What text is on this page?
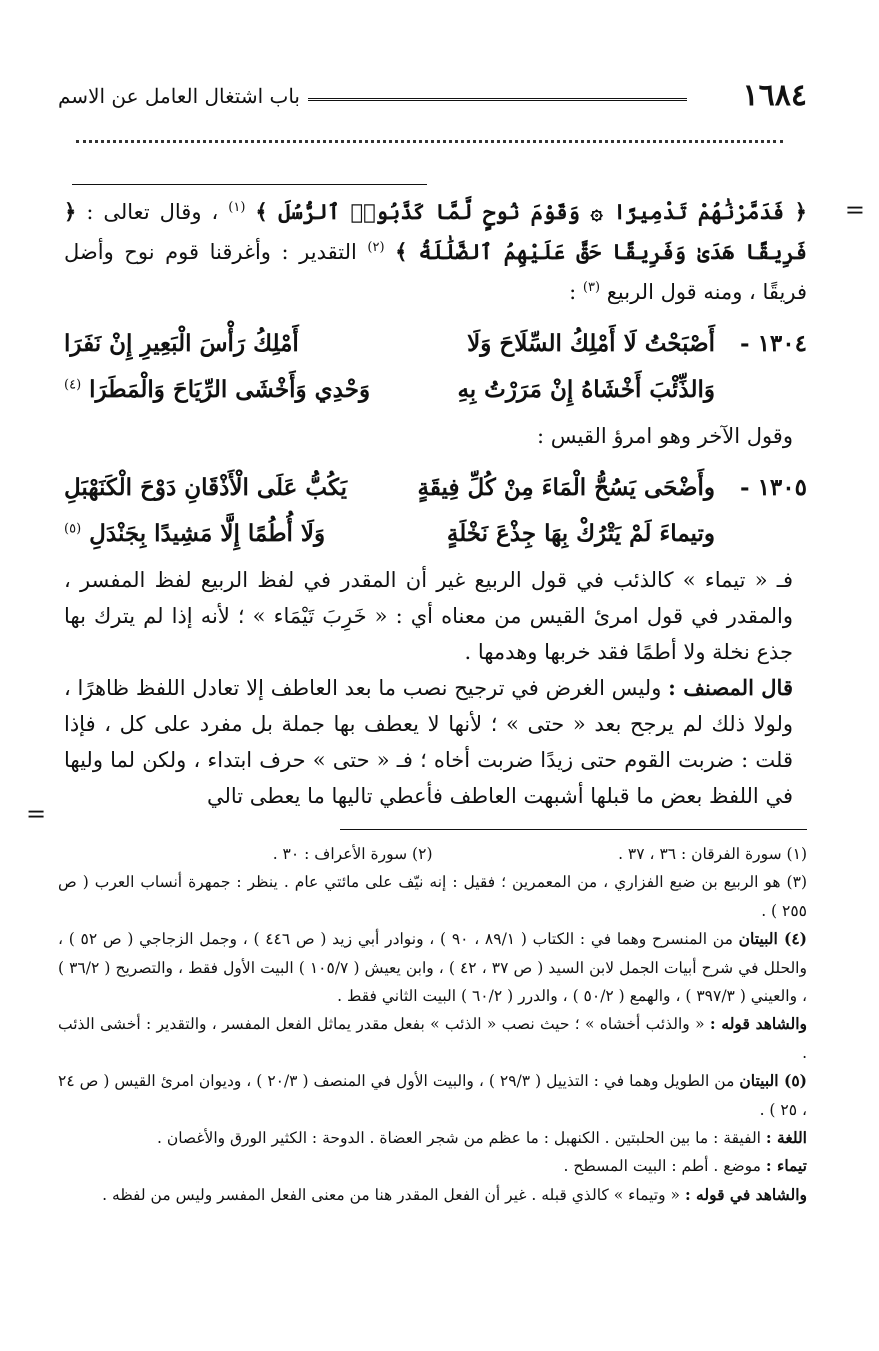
١٦٨٤
باب اشتغال العامل عن الاسم
=

﴿ فَدَمَّرْنَٰهُمْ تَدْمِيرًا ۞ وَقَوْمَ نُوحٍ لَّمَّا كَذَّبُوا۟ ٱلرُّسُلَ ﴾ $^{(١)}$ ، وقال تعالى : ﴿ فَرِيقًا هَدَىٰ وَفَرِيقًا حَقَّ عَلَيْهِمُ ٱلضَّلَٰلَةُ ﴾ $^{(٢)}$ التقدير : وأغرقنا قوم نوح وأضل فريقًا ، ومنه قول الربيع $^{(٣)}$ :

١٣٠٤ -
أَصْبَحْتُ لَا أَمْلِكُ السِّلَاحَ وَلَا
أَمْلِكُ رَأْسَ الْبَعِيرِ إِنْ نَفَرَا
وَالذِّئْبَ أَخْشَاهُ إِنْ مَرَرْتُ بِهِ
وَحْدِي وَأَخْشَى الرِّيَاحَ وَالْمَطَرَا $^{(٤)}$

وقول الآخر وهو امرؤ القيس :

١٣٠٥ -
وأَضْحَى يَسُحُّ الْمَاءَ مِنْ كُلِّ فِيقَةٍ
يَكُبُّ عَلَى الْأَذْقَانِ دَوْحَ الْكَنَهْبَلِ
وتيماءَ لَمْ يَتْرُكْ بِهَا جِذْعَ نَخْلَةٍ
وَلَا أُطُمًا إِلَّا مَشِيدًا بِجَنْدَلِ $^{(٥)}$

فـ « تيماء » كالذئب في قول الربيع غير أن المقدر في لفظ الربيع لفظ المفسر ، والمقدر في قول امرئ القيس من معناه أي : « خَرِبَ تَيْمَاء » ؛ لأنه إذا لم يترك بها جذع نخلة ولا أطمًا فقد خربها وهدمها .

قال المصنف : وليس الغرض في ترجيح نصب ما بعد العاطف إلا تعادل اللفظ ظاهرًا ، ولولا ذلك لم يرجح بعد « حتى » ؛ لأنها لا يعطف بها جملة بل مفرد على كل ، فإذا قلت : ضربت القوم حتى زيدًا ضربت أخاه ؛ فـ « حتى » حرف ابتداء ، ولكن لما وليها في اللفظ بعض ما قبلها أشبهت العاطف فأعطي تاليها ما يعطى تالي

=
(١) سورة الفرقان : ٣٦ ، ٣٧ .
(٢) سورة الأعراف : ٣٠ .

(٣) هو الربيع بن ضبع الفزاري ، من المعمرين ؛ فقيل : إنه نيّف على مائتي عام . ينظر : جمهرة أنساب العرب ( ص ٢٥٥ ) .

(٤) البيتان من المنسرح وهما في : الكتاب ( ٨٩/١ ، ٩٠ ) ، ونوادر أبي زيد ( ص ٤٤٦ ) ، وجمل الزجاجي ( ص ٥٢ ) ، والحلل في شرح أبيات الجمل لابن السيد ( ص ٣٧ ، ٤٢ ) ، وابن يعيش ( ١٠٥/٧ ) البيت الأول فقط ، والتصريح ( ٣٦/٢ ) ، والعيني ( ٣٩٧/٣ ) ، والهمع ( ٥٠/٢ ) ، والدرر ( ٦٠/٢ ) البيت الثاني فقط .

والشاهد قوله : « والذئب أخشاه » ؛ حيث نصب « الذئب » بفعل مقدر يماثل الفعل المفسر ، والتقدير : أخشى الذئب .

(٥) البيتان من الطويل وهما في : التذييل ( ٢٩/٣ ) ، والبيت الأول في المنصف ( ٢٠/٣ ) ، وديوان امرئ القيس ( ص ٢٤ ، ٢٥ ) .

اللغة : الفيقة : ما بين الحلبتين . الكنهبل : ما عظم من شجر العضاة . الدوحة : الكثير الورق والأغصان .

تيماء : موضع . أطم : البيت المسطح .

والشاهد في قوله : « وتيماء » كالذي قبله . غير أن الفعل المقدر هنا من معنى الفعل المفسر وليس من لفظه .
